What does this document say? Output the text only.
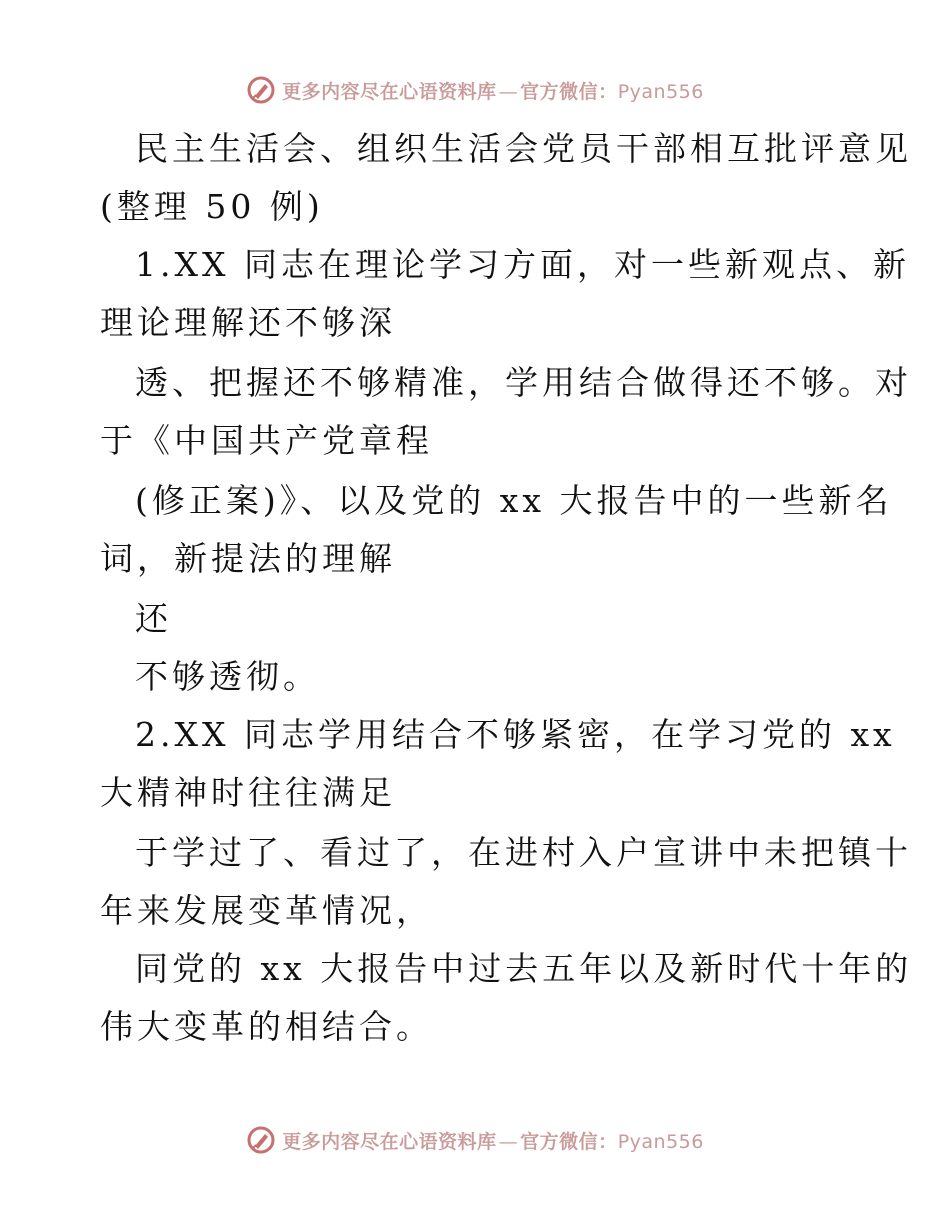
更多内容尽在心语资料库 — 官方微信：Pyan556
民主生活会、组织生活会党员干部相互批评意见
(整理 50 例)
1.XX 同志在理论学习方面，对一些新观点、新
理论理解还不够深
透、把握还不够精准，学用结合做得还不够。对
于《中国共产党章程
(修正案)》、以及党的 xx 大报告中的一些新名
词，新提法的理解
还
不够透彻。
2.XX 同志学用结合不够紧密，在学习党的 xx
大精神时往往满足
于学过了、看过了，在进村入户宣讲中未把镇十
年来发展变革情况，
同党的 xx 大报告中过去五年以及新时代十年的
伟大变革的相结合。
更多内容尽在心语资料库 — 官方微信：Pyan556
